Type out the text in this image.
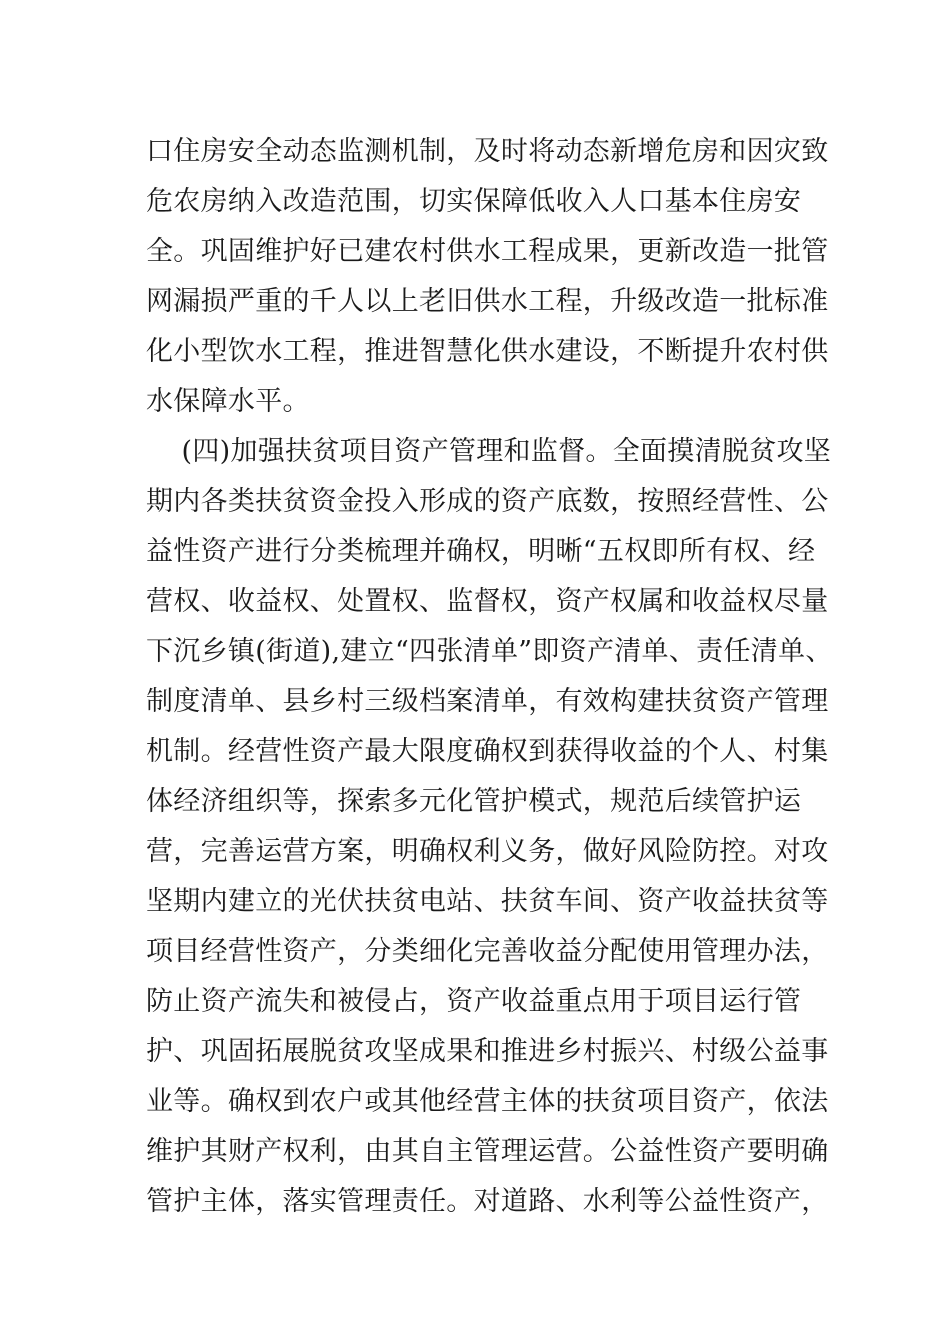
口住房安全动态监测机制，及时将动态新增危房和因灾致
危农房纳入改造范围，切实保障低收入人口基本住房安
全。巩固维护好已建农村供水工程成果，更新改造一批管
网漏损严重的千人以上老旧供水工程，升级改造一批标准
化小型饮水工程，推进智慧化供水建设，不断提升农村供
水保障水平。
(四)加强扶贫项目资产管理和监督。全面摸清脱贫攻坚
期内各类扶贫资金投入形成的资产底数，按照经营性、公
益性资产进行分类梳理并确权，明晰“五权即所有权、经
营权、收益权、处置权、监督权，资产权属和收益权尽量
下沉乡镇(街道),建立“四张清单”即资产清单、责任清单、
制度清单、县乡村三级档案清单，有效构建扶贫资产管理
机制。经营性资产最大限度确权到获得收益的个人、村集
体经济组织等，探索多元化管护模式，规范后续管护运
营，完善运营方案，明确权利义务，做好风险防控。对攻
坚期内建立的光伏扶贫电站、扶贫车间、资产收益扶贫等
项目经营性资产，分类细化完善收益分配使用管理办法，
防止资产流失和被侵占，资产收益重点用于项目运行管
护、巩固拓展脱贫攻坚成果和推进乡村振兴、村级公益事
业等。确权到农户或其他经营主体的扶贫项目资产，依法
维护其财产权利，由其自主管理运营。公益性资产要明确
管护主体，落实管理责任。对道路、水利等公益性资产，
